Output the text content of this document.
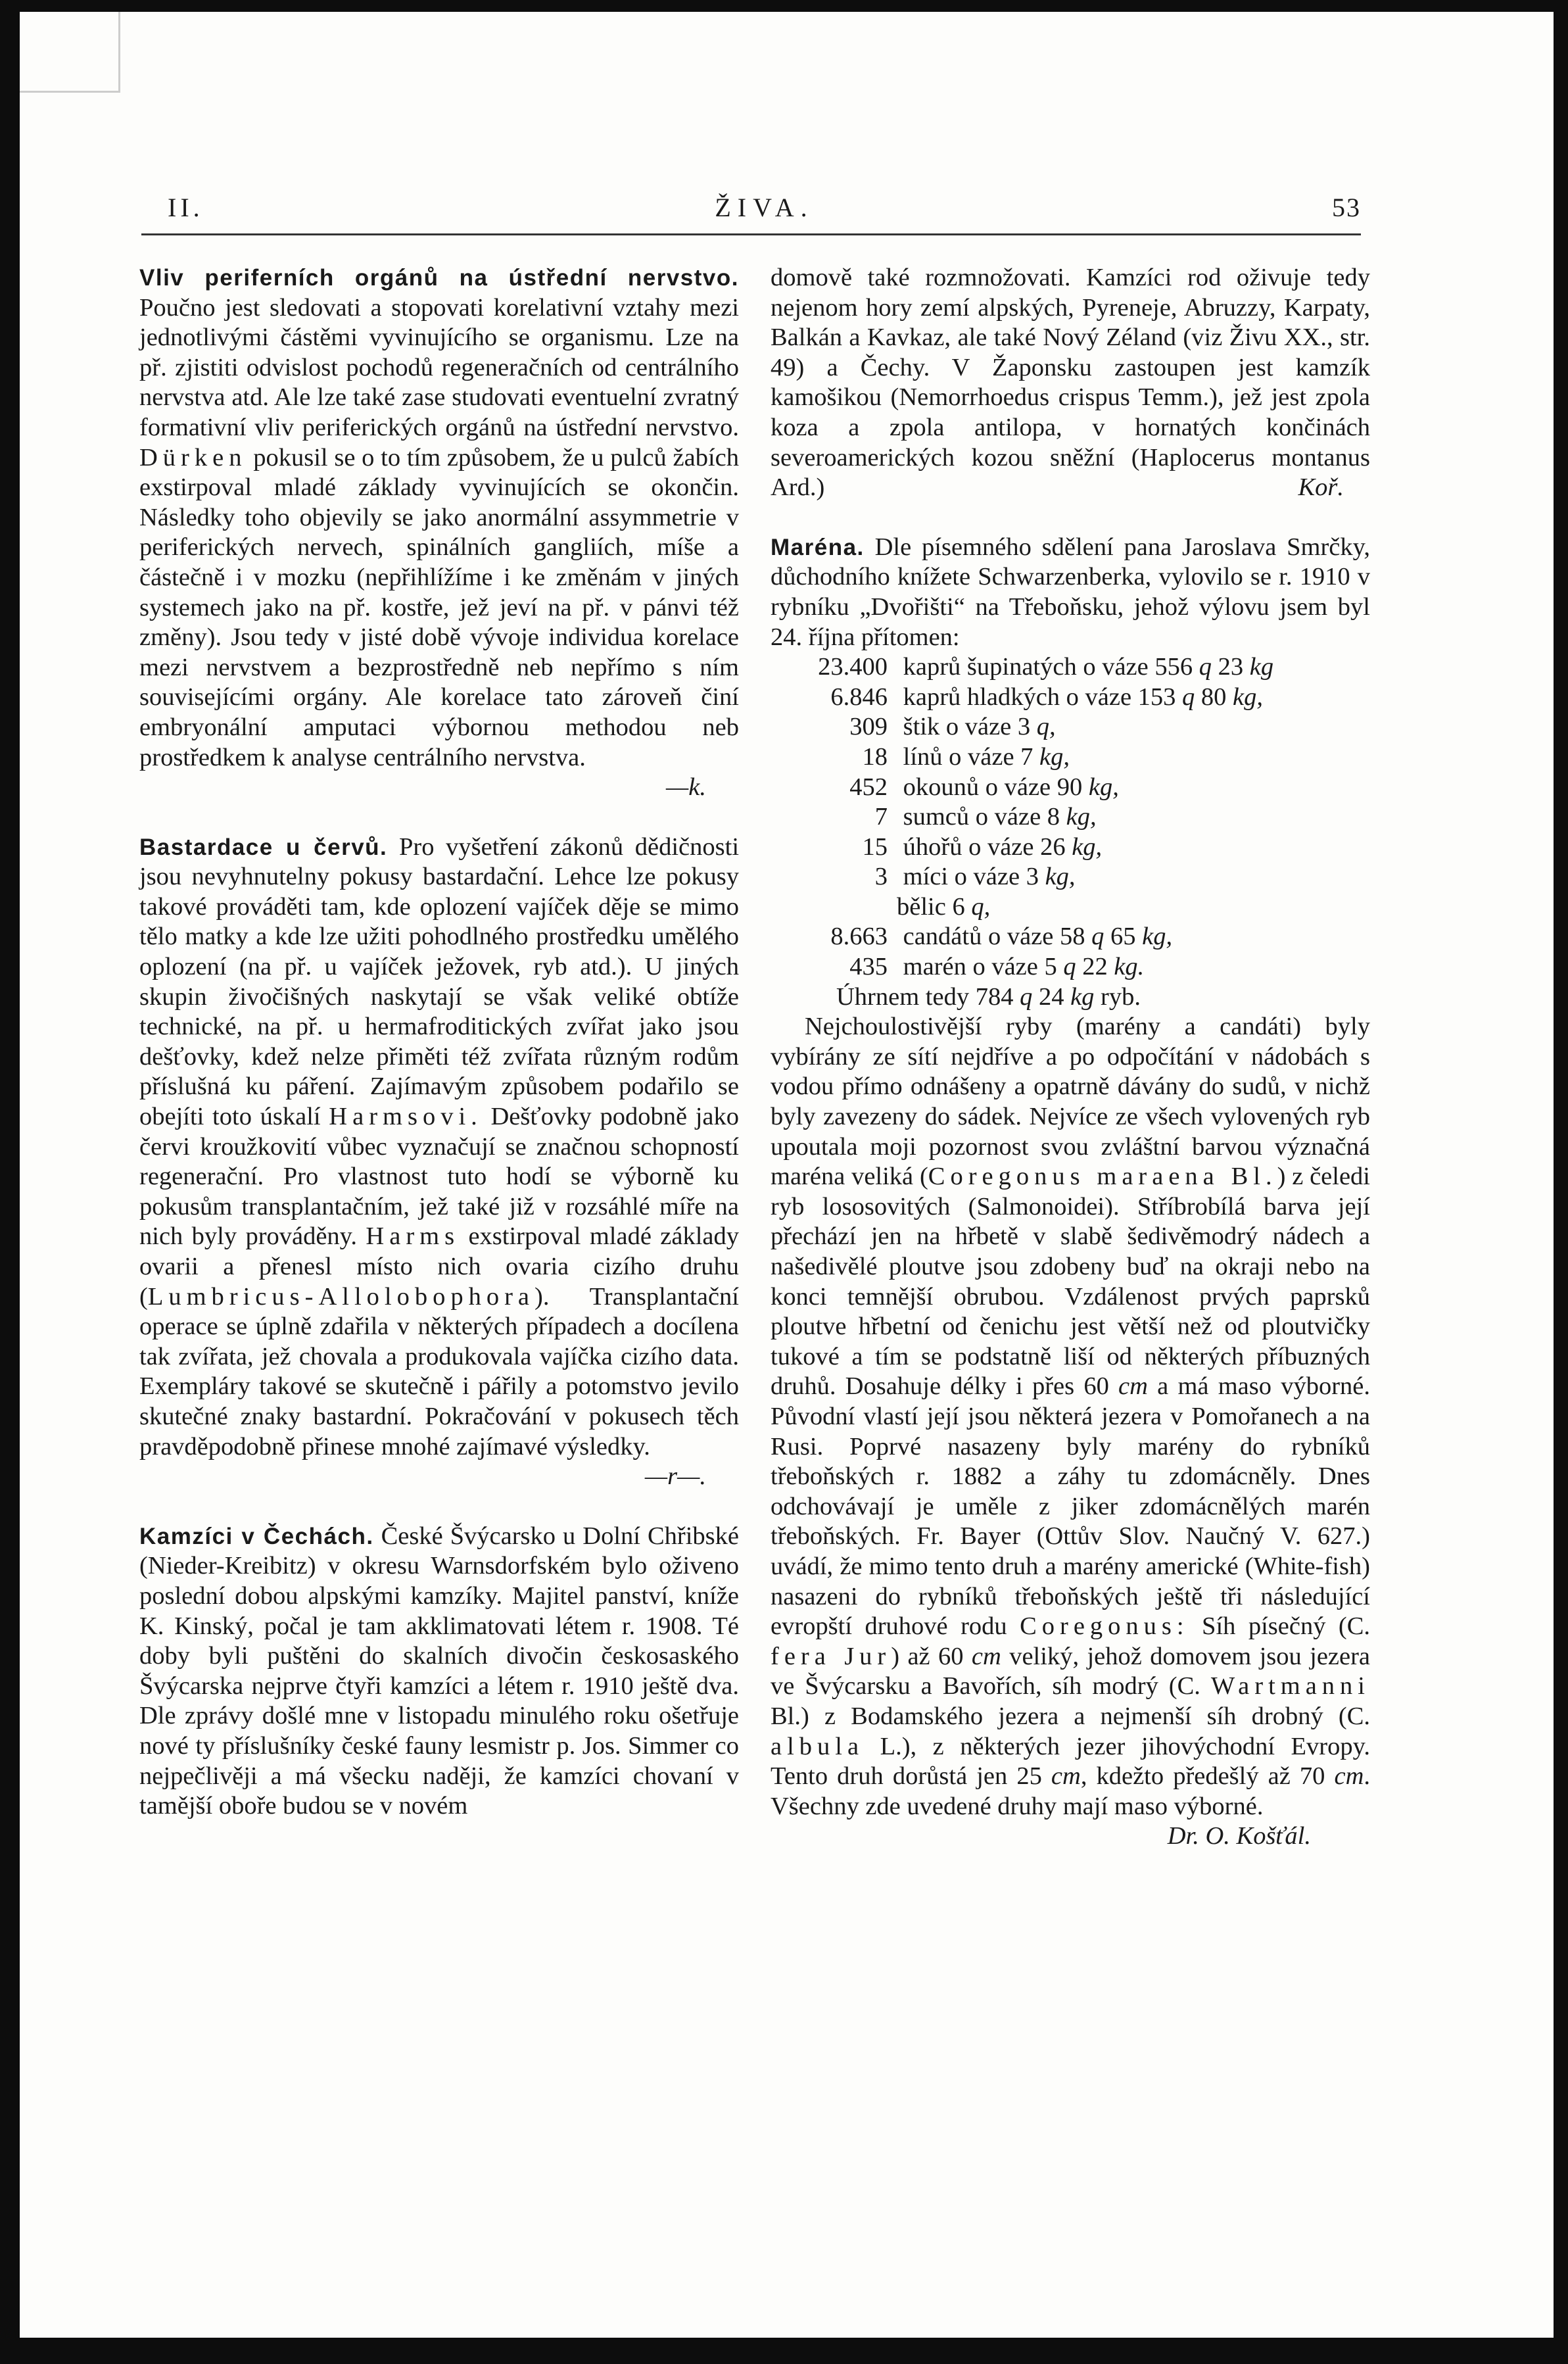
II.	ŽIVA.	53

Vliv periferních orgánů na ústřední nervstvo. Poučno jest sledovati a stopovati korelativní vztahy mezi jednotlivými částěmi vyvinujícího se organismu. Lze na př. zjistiti odvislost pochodů regeneračních od centrálního nervstva atd. Ale lze také zase studovati eventuelní zvratný formativní vliv periferických orgánů na ústřední nervstvo. Dürken pokusil se o to tím způsobem, že u pulců žabích exstirpoval mladé základy vyvinujících se okončin. Následky toho objevily se jako anormální assymmetrie v periferických nervech, spinálních gangliích, míše a částečně i v mozku (nepřihlížíme i ke změnám v jiných systemech jako na př. kostře, jež jeví na př. v pánvi též změny). Jsou tedy v jisté době vývoje individua korelace mezi nervstvem a bezprostředně neb nepřímo s ním souvisejícími orgány. Ale korelace tato zároveň činí embryonální amputaci výbornou methodou neb prostředkem k analyse centrálního nervstva.

—k.

Bastardace u červů. Pro vyšetření zákonů dědičnosti jsou nevyhnutelny pokusy bastardační. Lehce lze pokusy takové prováděti tam, kde oplození vajíček děje se mimo tělo matky a kde lze užiti pohodlného prostředku umělého oplození (na př. u vajíček ježovek, ryb atd.). U jiných skupin živočišných naskytají se však veliké obtíže technické, na př. u hermafroditických zvířat jako jsou dešťovky, kdež nelze přiměti též zvířata různým rodům příslušná ku páření. Zajímavým způsobem podařilo se obejíti toto úskalí Harmsovi. Dešťovky podobně jako červi kroužkovití vůbec vyznačují se značnou schopností regenerační. Pro vlastnost tuto hodí se výborně ku pokusům transplantačním, jež také již v rozsáhlé míře na nich byly prováděny. Harms exstirpoval mladé základy ovarii a přenesl místo nich ovaria cizího druhu (Lumbricus-Allolobophora). Transplantační operace se úplně zdařila v některých případech a docílena tak zvířata, jež chovala a produkovala vajíčka cizího data. Exempláry takové se skutečně i pářily a potomstvo jevilo skutečné znaky bastardní. Pokračování v pokusech těch pravděpodobně přinese mnohé zajímavé výsledky.

—r—.

Kamzíci v Čechách. České Švýcarsko u Dolní Chřibské (Nieder-Kreibitz) v okresu Warnsdorfském bylo oživeno poslední dobou alpskými kamzíky. Majitel panství, kníže K. Kinský, počal je tam akklimatovati létem r. 1908. Té doby byli puštěni do skalních divočin českosaského Švýcarska nejprve čtyři kamzíci a létem r. 1910 ještě dva. Dle zprávy došlé mne v listopadu minulého roku ošetřuje nové ty příslušníky české fauny lesmistr p. Jos. Simmer co nejpečlivěji a má všecku naději, že kamzíci chovaní v tamější oboře budou se v novém

domově také rozmnožovati. Kamzíci rod oživuje tedy nejenom hory zemí alpských, Pyreneje, Abruzzy, Karpaty, Balkán a Kavkaz, ale také Nový Zéland (viz Živu XX., str. 49) a Čechy. V Žaponsku zastoupen jest kamzík kamošikou (Nemorrhoedus crispus Temm.), jež jest zpola koza a zpola antilopa, v hornatých končinách severoamerických kozou sněžní (Haplocerus montanus Ard.)	Koř.

Maréna. Dle písemného sdělení pana Jaroslava Smrčky, důchodního knížete Schwarzenberka, vylovilo se r. 1910 v rybníku „Dvořišti“ na Třeboňsku, jehož výlovu jsem byl 24. října přítomen:

23.400 kaprů šupinatých o váze 556 q 23 kg
6.846 kaprů hladkých o váze 153 q 80 kg,
309 štik o váze 3 q,
18 línů o váze 7 kg,
452 okounů o váze 90 kg,
7 sumců o váze 8 kg,
15 úhořů o váze 26 kg,
3 míci o váze 3 kg,
bělic 6 q,
8.663 candátů o váze 58 q 65 kg,
435 marén o váze 5 q 22 kg.
Úhrnem tedy 784 q 24 kg ryb.

Nejchoulostivější ryby (marény a candáti) byly vybírány ze sítí nejdříve a po odpočítání v nádobách s vodou přímo odnášeny a opatrně dávány do sudů, v nichž byly zavezeny do sádek. Nejvíce ze všech vylovených ryb upoutala moji pozornost svou zvláštní barvou význačná maréna veliká (Coregonus maraena Bl.) z čeledi ryb lososovitých (Salmonoidei). Stříbrobílá barva její přechází jen na hřbetě v slabě šedivěmodrý nádech a našedivělé ploutve jsou zdobeny buď na okraji nebo na konci temnější obrubou. Vzdálenost prvých paprsků ploutve hřbetní od čenichu jest větší než od ploutvičky tukové a tím se podstatně liší od některých příbuzných druhů. Dosahuje délky i přes 60 cm a má maso výborné. Původní vlastí její jsou některá jezera v Pomořanech a na Rusi. Poprvé nasazeny byly marény do rybníků třeboňských r. 1882 a záhy tu zdomácněly. Dnes odchovávají je uměle z jiker zdomácnělých marén třeboňských. Fr. Bayer (Ottův Slov. Naučný V. 627.) uvádí, že mimo tento druh a marény americké (White-fish) nasazeni do rybníků třeboňských ještě tři následující evropští druhové rodu Coregonus: Síh písečný (C. fera Jur) až 60 cm veliký, jehož domovem jsou jezera ve Švýcarsku a Bavořích, síh modrý (C. Wartmanni Bl.) z Bodamského jezera a nejmenší síh drobný (C. albula L.), z některých jezer jihovýchodní Evropy. Tento druh dorůstá jen 25 cm, kdežto předešlý až 70 cm. Všechny zde uvedené druhy mají maso výborné.

Dr. O. Košťál.
